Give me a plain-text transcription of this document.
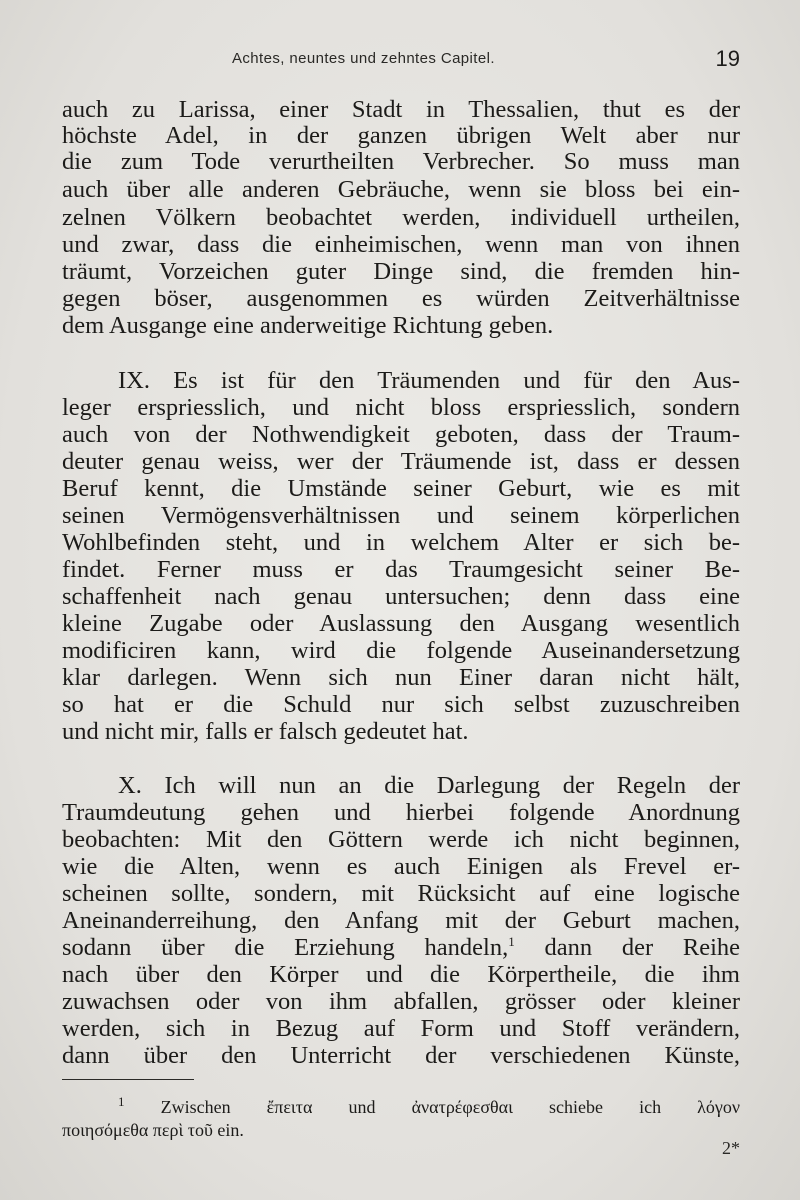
Achtes, neuntes und zehntes Capitel.	19
auch zu Larissa, einer Stadt in Thessalien, thut es der
höchste Adel, in der ganzen übrigen Welt aber nur
die zum Tode verurtheilten Verbrecher. So muss man
auch über alle anderen Gebräuche, wenn sie bloss bei ein-
zelnen Völkern beobachtet werden, individuell urtheilen,
und zwar, dass die einheimischen, wenn man von ihnen
träumt, Vorzeichen guter Dinge sind, die fremden hin-
gegen böser, ausgenommen es würden Zeitverhältnisse
dem Ausgange eine anderweitige Richtung geben.
IX. Es ist für den Träumenden und für den Aus-
leger erspriesslich, und nicht bloss erspriesslich, sondern
auch von der Nothwendigkeit geboten, dass der Traum-
deuter genau weiss, wer der Träumende ist, dass er dessen
Beruf kennt, die Umstände seiner Geburt, wie es mit
seinen Vermögensverhältnissen und seinem körperlichen
Wohlbefinden steht, und in welchem Alter er sich be-
findet. Ferner muss er das Traumgesicht seiner Be-
schaffenheit nach genau untersuchen; denn dass eine
kleine Zugabe oder Auslassung den Ausgang wesentlich
modificiren kann, wird die folgende Auseinandersetzung
klar darlegen. Wenn sich nun Einer daran nicht hält,
so hat er die Schuld nur sich selbst zuzuschreiben
und nicht mir, falls er falsch gedeutet hat.
X. Ich will nun an die Darlegung der Regeln der
Traumdeutung gehen und hierbei folgende Anordnung
beobachten: Mit den Göttern werde ich nicht beginnen,
wie die Alten, wenn es auch Einigen als Frevel er-
scheinen sollte, sondern, mit Rücksicht auf eine logische
Aneinanderreihung, den Anfang mit der Geburt machen,
sodann über die Erziehung handeln,$^1$ dann der Reihe
nach über den Körper und die Körpertheile, die ihm
zuwachsen oder von ihm abfallen, grösser oder kleiner
werden, sich in Bezug auf Form und Stoff verändern,
dann über den Unterricht der verschiedenen Künste,
$^1$ Zwischen ἔπειτα und ἀνατρέφεσθαι schiebe ich λόγον
ποιησόμεθα περὶ τοῦ ein.
2*
